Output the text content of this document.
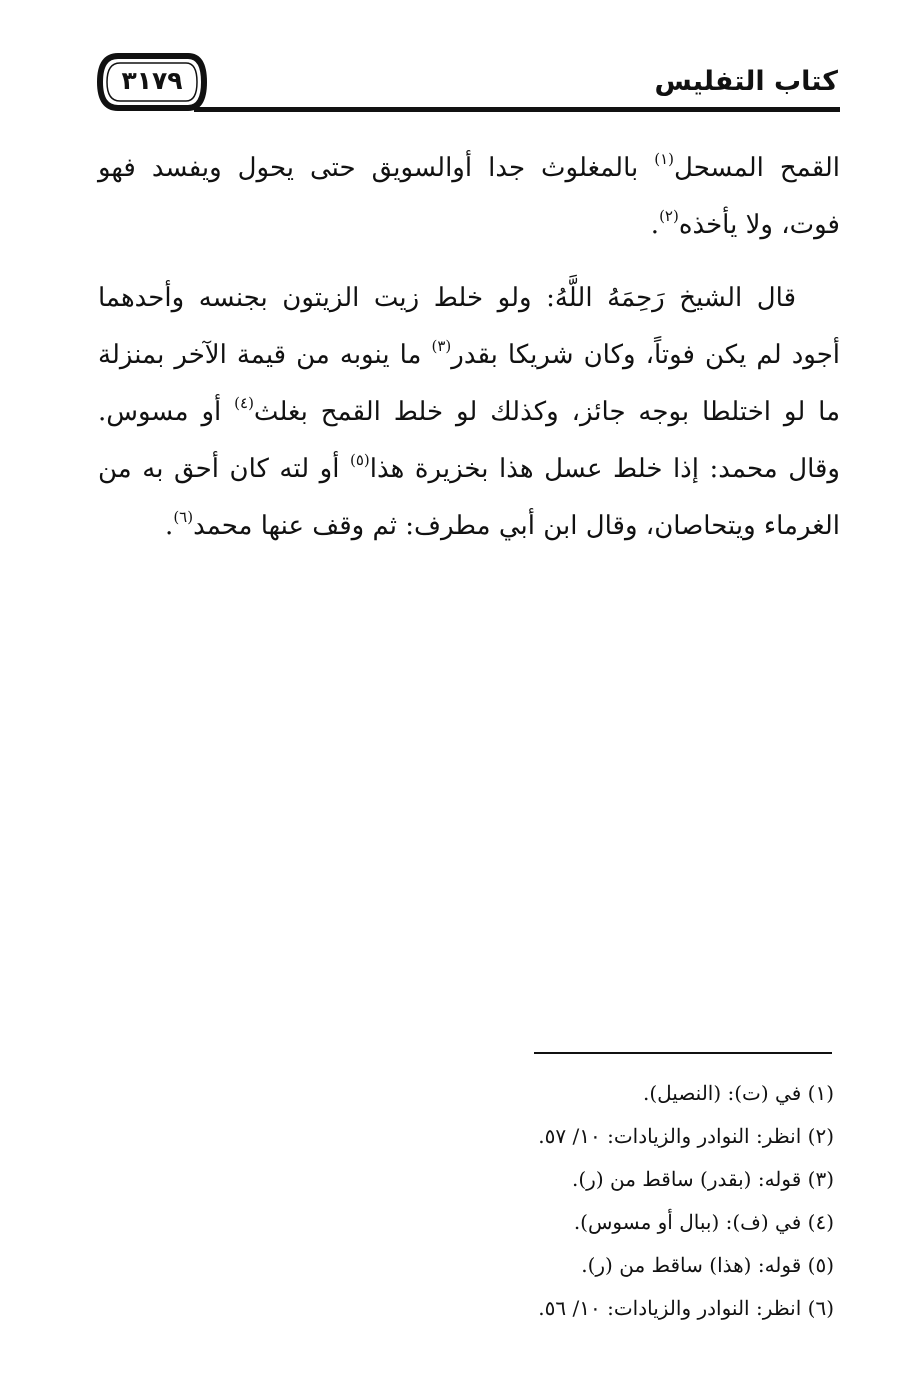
٣١٧٩	كتاب التفليس

القمح المسحل$^{(١)}$ بالمغلوث جدا أوالسويق حتى يحول ويفسد فهو فوت، ولا يأخذه$^{(٢)}$.

قال الشيخ رَحِمَهُ اللَّهُ: ولو خلط زيت الزيتون بجنسه وأحدهما أجود لم يكن فوتاً، وكان شريكا بقدر$^{(٣)}$ ما ينوبه من قيمة الآخر بمنزلة ما لو اختلطا بوجه جائز، وكذلك لو خلط القمح بغلث$^{(٤)}$ أو مسوس. وقال محمد: إذا خلط عسل هذا بخزيرة هذا$^{(٥)}$ أو لته كان أحق به من الغرماء ويتحاصان، وقال ابن أبي مطرف: ثم وقف عنها محمد$^{(٦)}$.

(١) في (ت): (النصيل).
(٢) انظر: النوادر والزيادات: ١٠/ ٥٧.
(٣) قوله: (بقدر) ساقط من (ر).
(٤) في (ف): (ببال أو مسوس).
(٥) قوله: (هذا) ساقط من (ر).
(٦) انظر: النوادر والزيادات: ١٠/ ٥٦.
